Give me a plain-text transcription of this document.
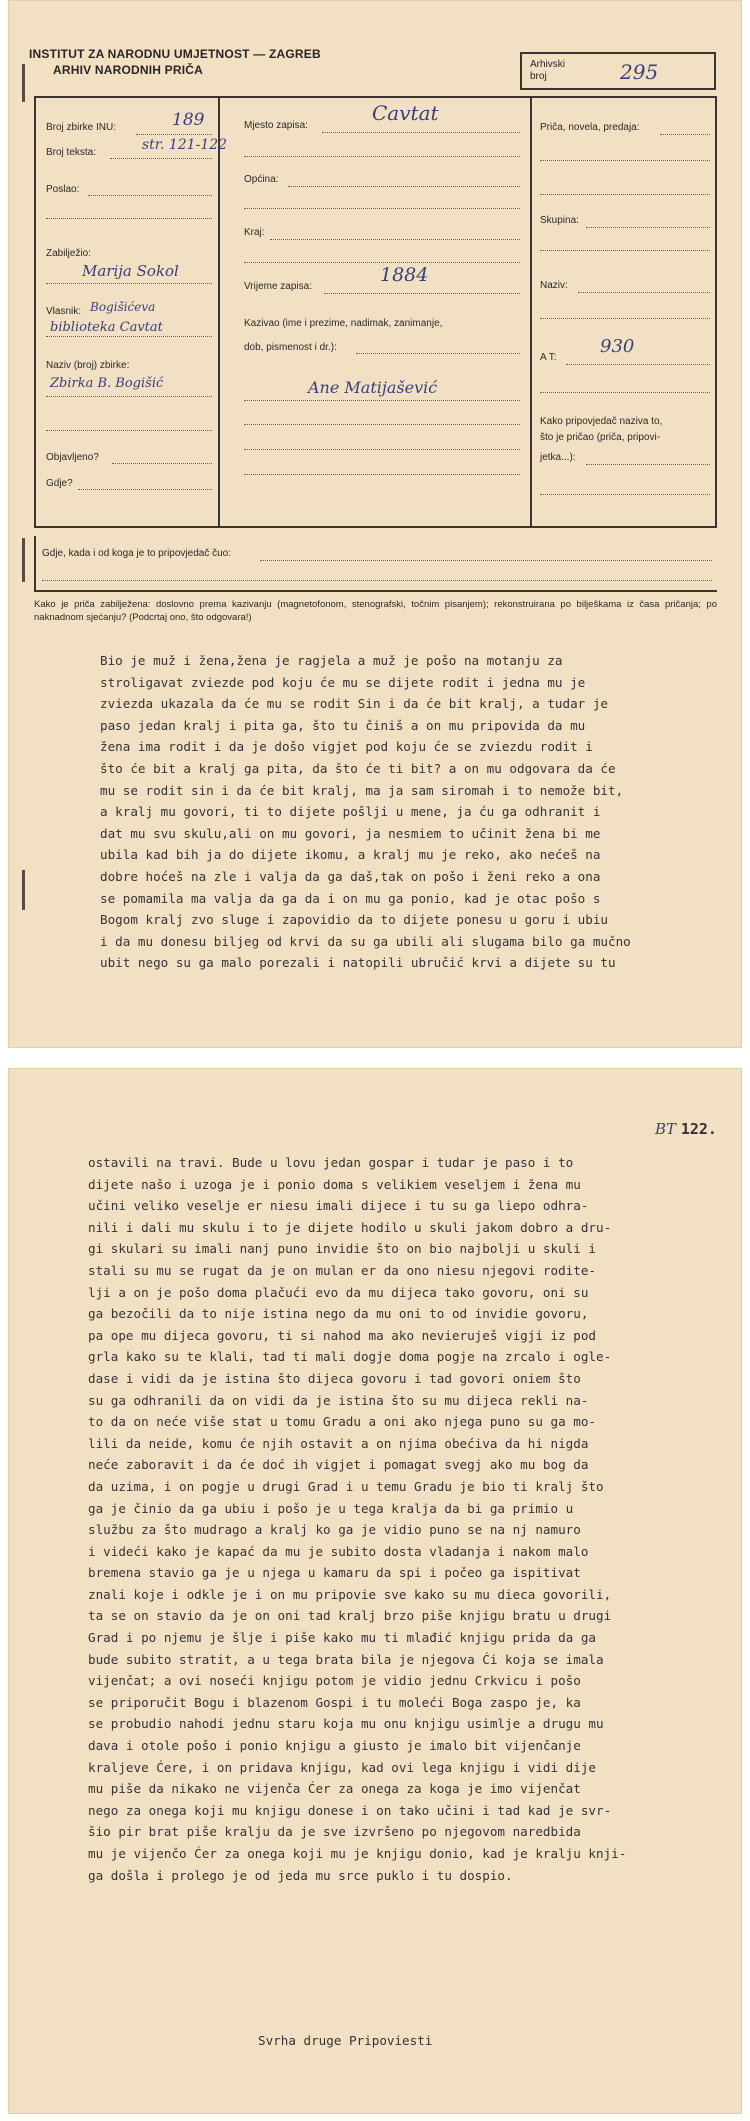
INSTITUT ZA NARODNU UMJETNOST — ZAGREB
ARHIV NARODNIH PRIČA	Arhivski
broj	295
Broj zbirke INU:	189
Broj teksta:	str. 121-122
Poslao:
Zabilježio:
Marija Sokol
Vlasnik: Bogišićeva
biblioteka Cavtat
Naziv (broj) zbirke:
Zbirka B. Bogišić
Objavljeno?
Gdje?
Mjesto zapisa:
Cavtat
Općina:
Kraj:
Vrijeme zapisa:
1884
Kazivao (ime i prezime, nadimak, zanimanje,
dob, pismenost i dr.):
Ane Matijašević
Priča, novela, predaja:
Skupina:
Naziv:
A T:
930
Kako pripovjedač naziva to,
što je pričao (priča, pripovi-
jetka...):
Gdje, kada i od koga je to pripovjedač čuo:
Kako je priča zabilježena: doslovno prema kazivanju (magnetofonom, stenografski, točnim pisanjem); rekonstruirana po bilješkama iz časa pričanja; po naknadnom sjećanju? (Podcrtaj ono, što odgovara!)
Bio je muž i žena,žena je ragjela a muž je pošo na motanju za
stroligavat zviezde pod koju će mu se dijete rodit i jedna mu je
zviezda ukazala da će mu se rodit Sin i da će bit kralj, a tudar je
paso jedan kralj i pita ga, što tu činiš a on mu pripovida da mu
žena ima rodit i da je došo vigjet pod koju će se zviezdu rodit i
što će bit a kralj ga pita, da što će ti bit? a on mu odgovara da će
mu se rodit sin i da će bit kralj, ma ja sam siromah i to nemože bit,
a kralj mu govori, ti to dijete pošlji u mene, ja ću ga odhranit i
dat mu svu skulu,ali on mu govori, ja nesmiem to učinit žena bi me
ubila kad bih ja do dijete ikomu, a kralj mu je reko, ako nećeš na
dobre hoćeš na zle i valja da ga daš,tak on pošo i ženi reko a ona
se pomamila ma valja da ga da i on mu ga ponio, kad je otac pošo s
Bogom kralj zvo sluge i zapovidio da to dijete ponesu u goru i ubiu
i da mu donesu biljeg od krvi da su ga ubili ali slugama bilo ga mučno
ubit nego su ga malo porezali i natopili ubručić krvi a dijete su tu
BT 122.
ostavili na travi. Bude u lovu jedan gospar i tudar je paso i to
dijete našo i uzoga je i ponio doma s velikiem veseljem i žena mu
učini veliko veselje er niesu imali dijece i tu su ga liepo odhra-
nili i dali mu skulu i to je dijete hodilo u skuli jakom dobro a dru-
gi skulari su imali nanj puno invidie što on bio najbolji u skuli i
stali su mu se rugat da je on mulan er da ono niesu njegovi rodite-
lji a on je pošo doma plačući evo da mu dijeca tako govoru, oni su
ga bezočili da to nije istina nego da mu oni to od invidie govoru,
pa ope mu dijeca govoru, ti si nahod ma ako nevieruješ vigji iz pod
grla kako su te klali, tad ti mali dogje doma pogje na zrcalo i ogle-
dase i vidi da je istina što dijeca govoru i tad govori oniem što
su ga odhranili da on vidi da je istina što su mu dijeca rekli na-
to da on neće više stat u tomu Gradu a oni ako njega puno su ga mo-
lili da neide, komu će njih ostavit a on njima obećiva da hi nigda
neće zaboravit i da će doć ih vigjet i pomagat svegj ako mu bog da
da uzima, i on pogje u drugi Grad i u temu Gradu je bio ti kralj što
ga je činio da ga ubiu i pošo je u tega kralja da bi ga primio u
službu za što mudrago a kralj ko ga je vidio puno se na nj namuro
i videći kako je kapać da mu je subito dosta vladanja i nakom malo
bremena stavio ga je u njega u kamaru da spi i počeo ga ispitivat
znali koje i odkle je i on mu pripovie sve kako su mu dieca govorili,
ta se on stavio da je on oni tad kralj brzo piše knjigu bratu u drugi
Grad i po njemu je šlje i piše kako mu ti mlađić knjigu prida da ga
bude subito stratit, a u tega brata bila je njegova Ći koja se imala
vijenčat; a ovi noseći knjigu potom je vidio jednu Crkvicu i pošo
se priporučit Bogu i blazenom Gospi i tu moleći Boga zaspo je, ka
se probudio nahodi jednu staru koja mu onu knjigu usimlje a drugu mu
dava i otole pošo i ponio knjigu a giusto je imalo bit vijenčanje
kraljeve Ćere, i on pridava knjigu, kad ovi lega knjigu i vidi dije
mu piše da nikako ne vijenča Ćer za onega za koga je imo vijenčat
nego za onega koji mu knjigu donese i on tako učini i tad kad je svr-
šio pir brat piše kralju da je sve izvršeno po njegovom naredbida
mu je vijenčo Ćer za onega koji mu je knjigu donio, kad je kralju knji-
ga došla i prolego je od jeda mu srce puklo i tu dospio.
Svrha druge Pripoviesti
